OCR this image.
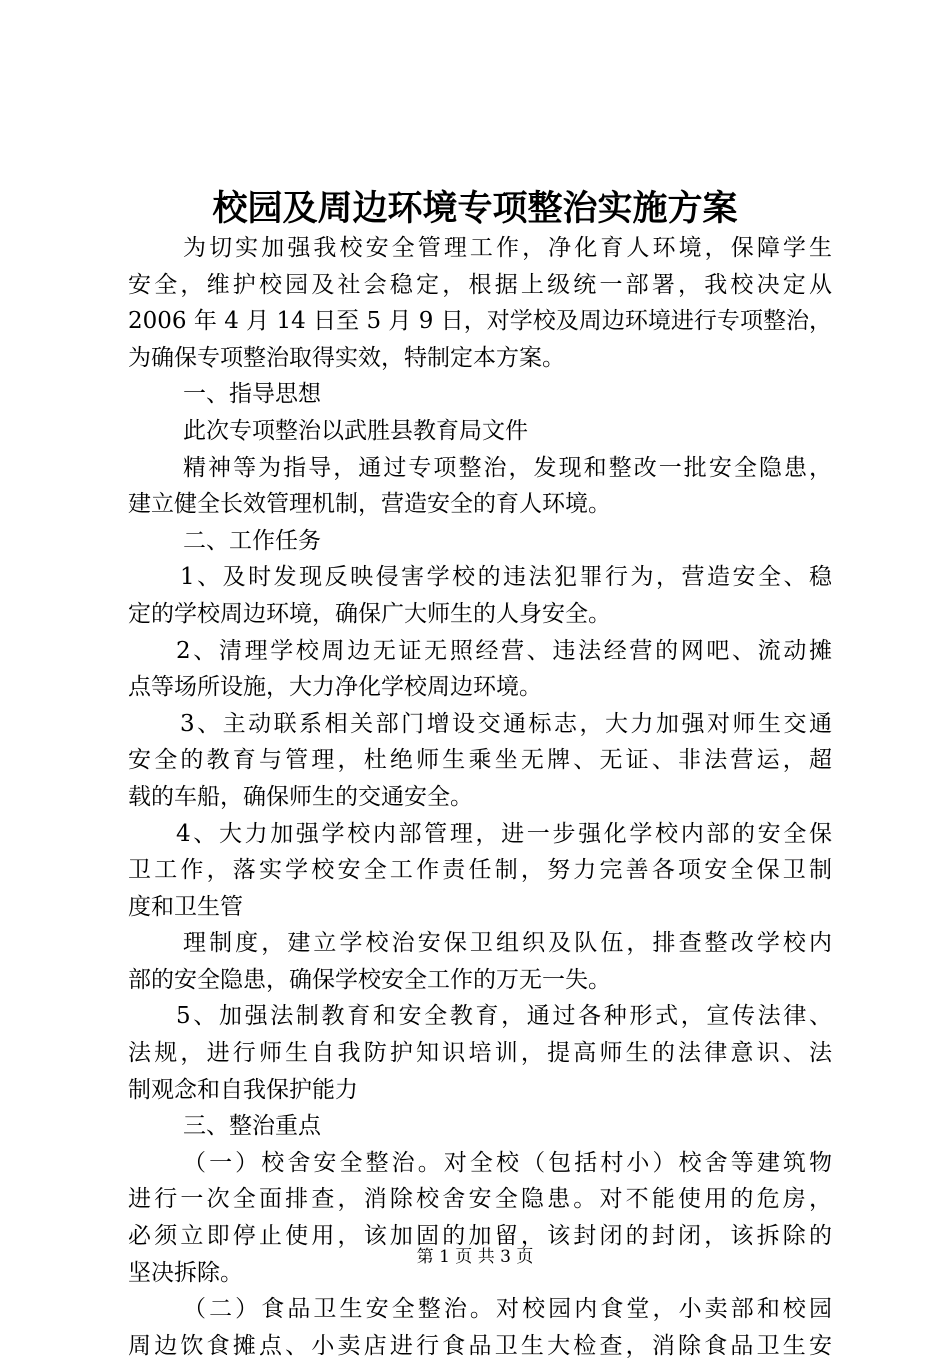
校园及周边环境专项整治实施方案
为切实加强我校安全管理工作，净化育人环境，保障学生
安全，维护校园及社会稳定，根据上级统一部署，我校决定从
2006 年 4 月 14 日至 5 月 9 日，对学校及周边环境进行专项整治，
为确保专项整治取得实效，特制定本方案。
一、指导思想
此次专项整治以武胜县教育局文件
精神等为指导，通过专项整治，发现和整改一批安全隐患，
建立健全长效管理机制，营造安全的育人环境。
二、工作任务
1、及时发现反映侵害学校的违法犯罪行为，营造安全、稳
定的学校周边环境，确保广大师生的人身安全。
2、清理学校周边无证无照经营、违法经营的网吧、流动摊
点等场所设施，大力净化学校周边环境。
3、主动联系相关部门增设交通标志，大力加强对师生交通
安全的教育与管理，杜绝师生乘坐无牌、无证、非法营运，超
载的车船，确保师生的交通安全。
4、大力加强学校内部管理，进一步强化学校内部的安全保
卫工作，落实学校安全工作责任制，努力完善各项安全保卫制
度和卫生管
理制度，建立学校治安保卫组织及队伍，排查整改学校内
部的安全隐患，确保学校安全工作的万无一失。
5、加强法制教育和安全教育，通过各种形式，宣传法律、
法规，进行师生自我防护知识培训，提高师生的法律意识、法
制观念和自我保护能力
三、整治重点
（一）校舍安全整治。对全校（包括村小）校舍等建筑物
进行一次全面排查，消除校舍安全隐患。对不能使用的危房，
必须立即停止使用，该加固的加留，该封闭的封闭，该拆除的
坚决拆除。
（二）食品卫生安全整治。对校园内食堂，小卖部和校园
周边饮食摊点、小卖店进行食品卫生大检查，消除食品卫生安
第 1 页 共 3 页
